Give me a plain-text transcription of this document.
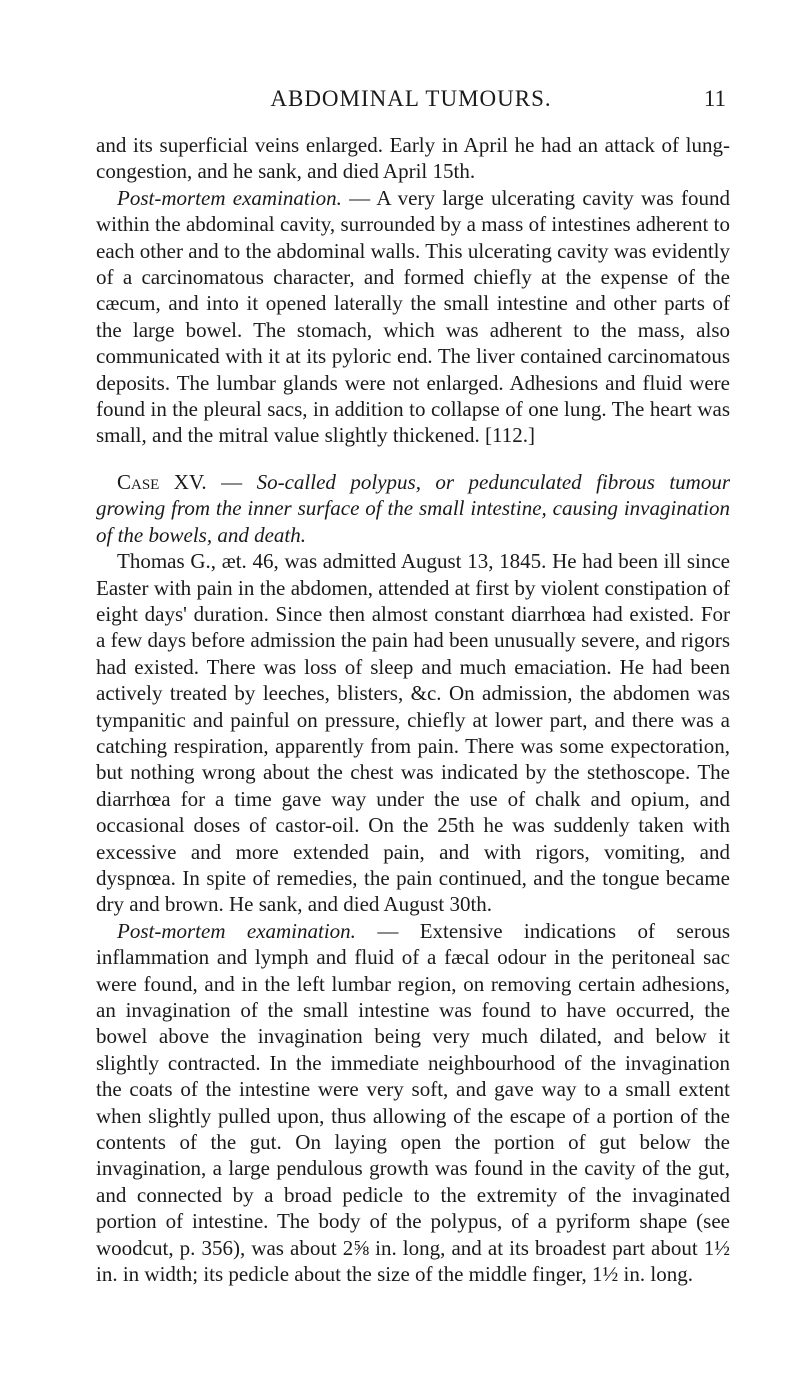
ABDOMINAL TUMOURS.	11

and its superficial veins enlarged. Early in April he had an attack of lung-congestion, and he sank, and died April 15th.

Post-mortem examination. — A very large ulcerating cavity was found within the abdominal cavity, surrounded by a mass of intestines adherent to each other and to the abdominal walls. This ulcerating cavity was evidently of a carcinomatous character, and formed chiefly at the expense of the cæcum, and into it opened laterally the small intestine and other parts of the large bowel. The stomach, which was adherent to the mass, also communicated with it at its pyloric end. The liver contained carcinomatous deposits. The lumbar glands were not enlarged. Adhesions and fluid were found in the pleural sacs, in addition to collapse of one lung. The heart was small, and the mitral value slightly thickened. [112.]

Case XV. — So-called polypus, or pedunculated fibrous tumour growing from the inner surface of the small intestine, causing invagination of the bowels, and death.

Thomas G., æt. 46, was admitted August 13, 1845. He had been ill since Easter with pain in the abdomen, attended at first by violent constipation of eight days' duration. Since then almost constant diarrhœa had existed. For a few days before admission the pain had been unusually severe, and rigors had existed. There was loss of sleep and much emaciation. He had been actively treated by leeches, blisters, &c. On admission, the abdomen was tympanitic and painful on pressure, chiefly at lower part, and there was a catching respiration, apparently from pain. There was some expectoration, but nothing wrong about the chest was indicated by the stethoscope. The diarrhœa for a time gave way under the use of chalk and opium, and occasional doses of castor-oil. On the 25th he was suddenly taken with excessive and more extended pain, and with rigors, vomiting, and dyspnœa. In spite of remedies, the pain continued, and the tongue became dry and brown. He sank, and died August 30th.

Post-mortem examination. — Extensive indications of serous inflammation and lymph and fluid of a fæcal odour in the peritoneal sac were found, and in the left lumbar region, on removing certain adhesions, an invagination of the small intestine was found to have occurred, the bowel above the invagination being very much dilated, and below it slightly contracted. In the immediate neighbourhood of the invagination the coats of the intestine were very soft, and gave way to a small extent when slightly pulled upon, thus allowing of the escape of a portion of the contents of the gut. On laying open the portion of gut below the invagination, a large pendulous growth was found in the cavity of the gut, and connected by a broad pedicle to the extremity of the invaginated portion of intestine. The body of the polypus, of a pyriform shape (see woodcut, p. 356), was about 2⅝ in. long, and at its broadest part about 1½ in. in width; its pedicle about the size of the middle finger, 1½ in. long.
